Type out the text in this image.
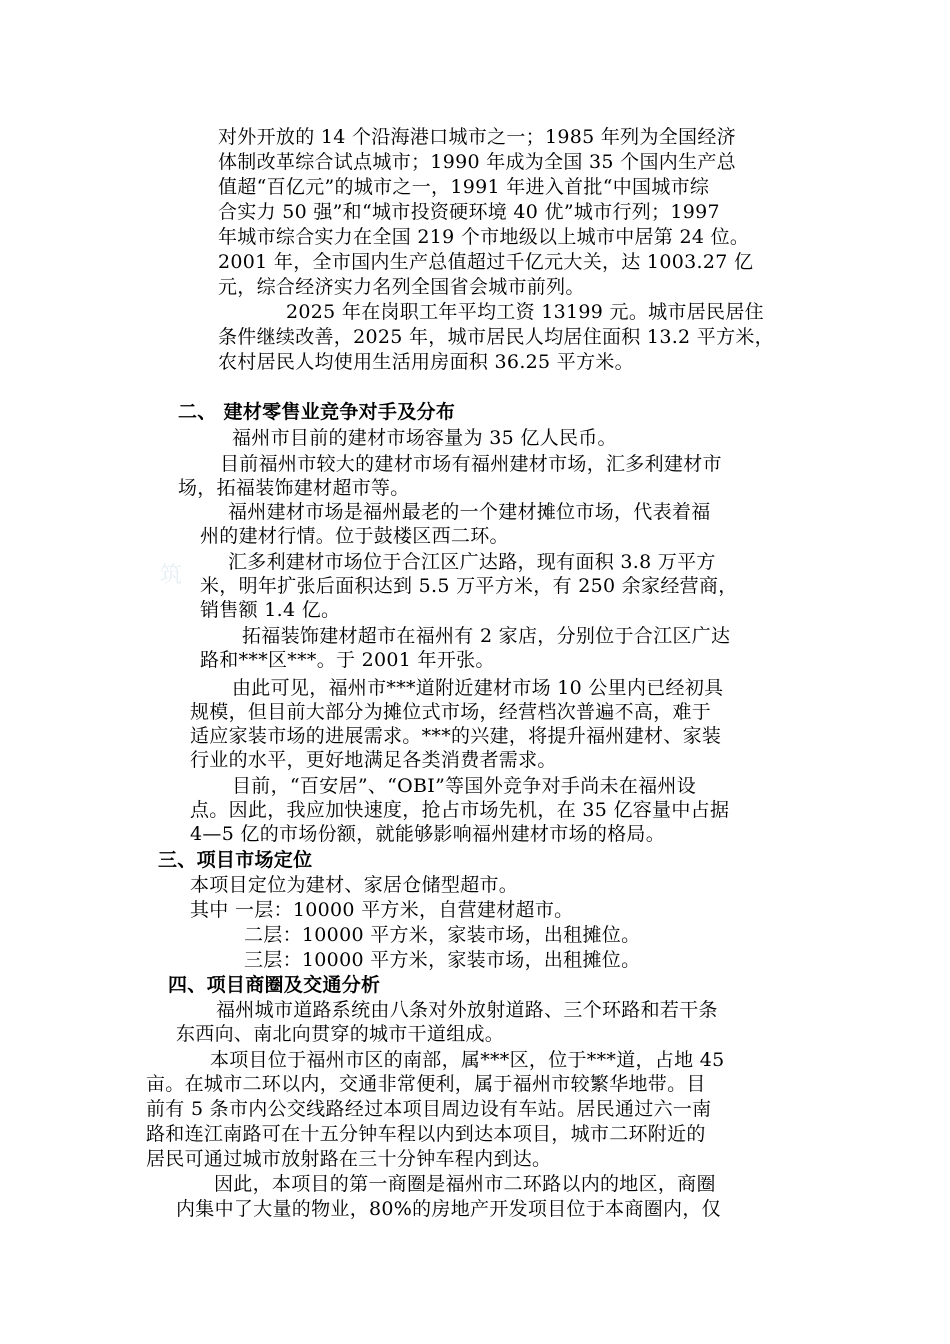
筑
对外开放的 14 个沿海港口城市之一；1985 年列为全国经济
体制改革综合试点城市；1990 年成为全国 35 个国内生产总
值超“百亿元”的城市之一，1991 年进入首批“中国城市综
合实力 50 强”和“城市投资硬环境 40 优”城市行列；1997
年城市综合实力在全国 219 个市地级以上城市中居第 24 位。
2001 年，全市国内生产总值超过千亿元大关，达 1003.27 亿
元，综合经济实力名列全国省会城市前列。
2025 年在岗职工年平均工资 13199 元。城市居民居住
条件继续改善，2025 年，城市居民人均居住面积 13.2 平方米，
农村居民人均使用生活用房面积 36.25 平方米。
二、 建材零售业竞争对手及分布
福州市目前的建材市场容量为 35 亿人民币。
目前福州市较大的建材市场有福州建材市场，汇多利建材市
场，拓福装饰建材超市等。
福州建材市场是福州最老的一个建材摊位市场，代表着福
州的建材行情。位于鼓楼区西二环。
汇多利建材市场位于合江区广达路，现有面积 3.8 万平方
米，明年扩张后面积达到 5.5 万平方米，有 250 余家经营商，
销售额 1.4 亿。
拓福装饰建材超市在福州有 2 家店，分别位于合江区广达
路和***区***。于 2001 年开张。
由此可见，福州市***道附近建材市场 10 公里内已经初具
规模，但目前大部分为摊位式市场，经营档次普遍不高，难于
适应家装市场的进展需求。***的兴建，将提升福州建材、家装
行业的水平，更好地满足各类消费者需求。
目前，“百安居”、“OBI”等国外竞争对手尚未在福州设
点。因此，我应加快速度，抢占市场先机，在 35 亿容量中占据
4—5 亿的市场份额，就能够影响福州建材市场的格局。
三、项目市场定位
本项目定位为建材、家居仓储型超市。
其中 一层：10000 平方米，自营建材超市。
二层：10000 平方米，家装市场，出租摊位。
三层：10000 平方米，家装市场，出租摊位。
四、项目商圈及交通分析
福州城市道路系统由八条对外放射道路、三个环路和若干条
东西向、南北向贯穿的城市干道组成。
本项目位于福州市区的南部，属***区，位于***道，占地 45
亩。在城市二环以内，交通非常便利，属于福州市较繁华地带。目
前有 5 条市内公交线路经过本项目周边设有车站。居民通过六一南
路和连江南路可在十五分钟车程以内到达本项目，城市二环附近的
居民可通过城市放射路在三十分钟车程内到达。
因此，本项目的第一商圈是福州市二环路以内的地区，商圈
内集中了大量的物业，80%的房地产开发项目位于本商圈内，仅
